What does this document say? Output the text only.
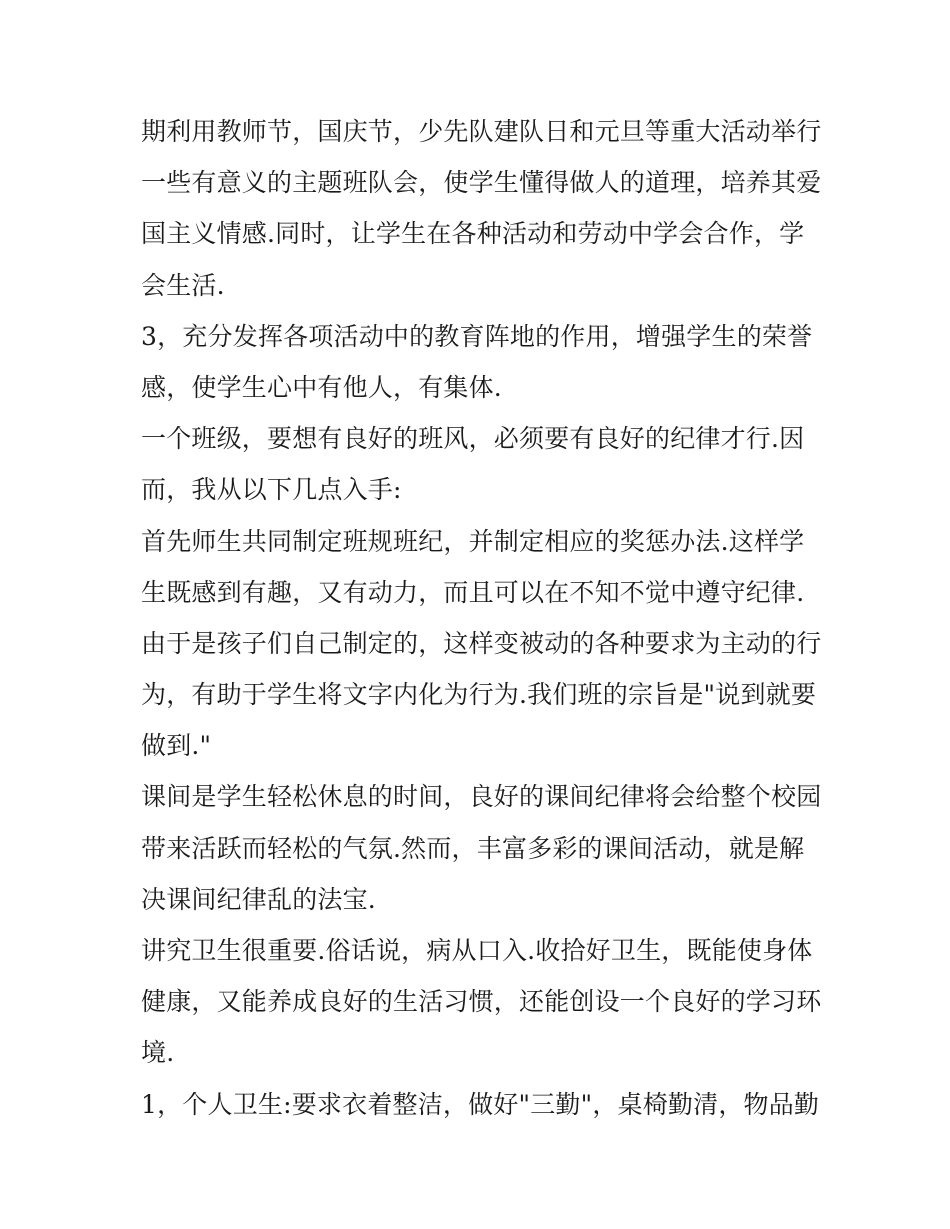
期利用教师节，国庆节，少先队建队日和元旦等重大活动举行
一些有意义的主题班队会，使学生懂得做人的道理，培养其爱
国主义情感.同时，让学生在各种活动和劳动中学会合作，学
会生活.
3，充分发挥各项活动中的教育阵地的作用，增强学生的荣誉
感，使学生心中有他人，有集体.
一个班级，要想有良好的班风，必须要有良好的纪律才行.因
而，我从以下几点入手:
首先师生共同制定班规班纪，并制定相应的奖惩办法.这样学
生既感到有趣，又有动力，而且可以在不知不觉中遵守纪律.
由于是孩子们自己制定的，这样变被动的各种要求为主动的行
为，有助于学生将文字内化为行为.我们班的宗旨是"说到就要
做到."
课间是学生轻松休息的时间，良好的课间纪律将会给整个校园
带来活跃而轻松的气氛.然而，丰富多彩的课间活动，就是解
决课间纪律乱的法宝.
讲究卫生很重要.俗话说，病从口入.收拾好卫生，既能使身体
健康，又能养成良好的生活习惯，还能创设一个良好的学习环
境.
1，个人卫生:要求衣着整洁，做好"三勤"，桌椅勤清，物品勤
